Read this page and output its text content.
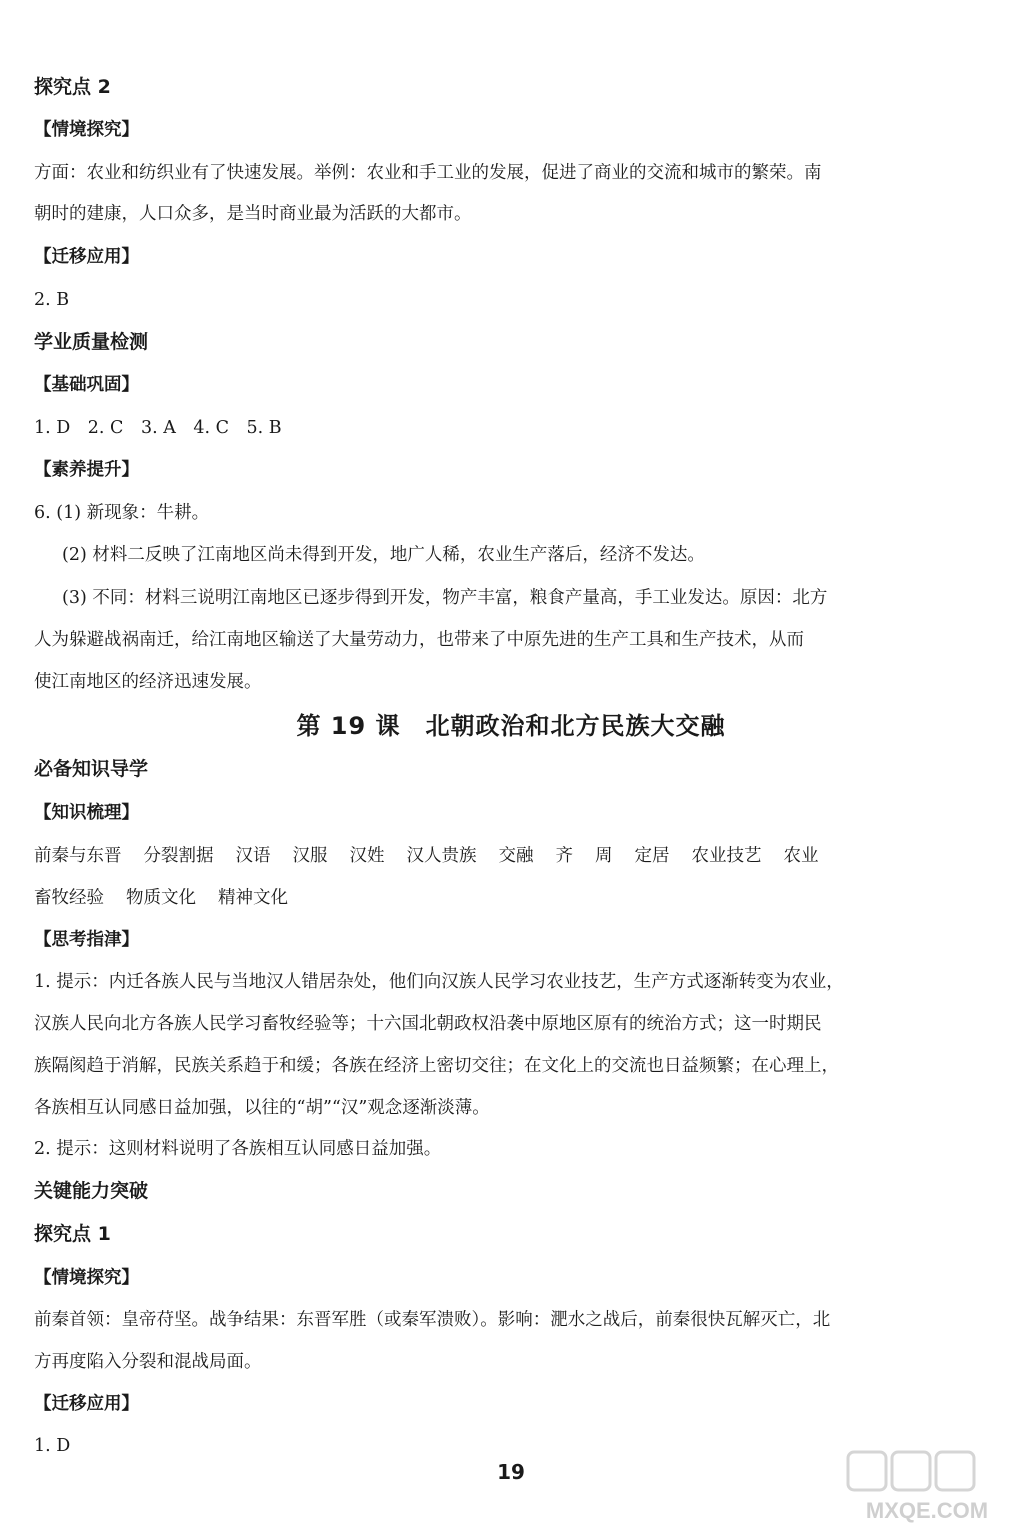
探究点 2
【情境探究】
方面：农业和纺织业有了快速发展。举例：农业和手工业的发展，促进了商业的交流和城市的繁荣。南
朝时的建康，人口众多，是当时商业最为活跃的大都市。
【迁移应用】
2. B
学业质量检测
【基础巩固】
1. D　2. C　3. A　4. C　5. B
【素养提升】
6. (1) 新现象：牛耕。
(2) 材料二反映了江南地区尚未得到开发，地广人稀，农业生产落后，经济不发达。
(3) 不同：材料三说明江南地区已逐步得到开发，物产丰富，粮食产量高，手工业发达。原因：北方
人为躲避战祸南迁，给江南地区输送了大量劳动力，也带来了中原先进的生产工具和生产技术，从而
使江南地区的经济迅速发展。
第 19 课　北朝政治和北方民族大交融
必备知识导学
【知识梳理】
前秦与东晋 分裂割据 汉语 汉服 汉姓 汉人贵族 交融 齐 周 定居 农业技艺 农业
畜牧经验 物质文化 精神文化
【思考指津】
1. 提示：内迁各族人民与当地汉人错居杂处，他们向汉族人民学习农业技艺，生产方式逐渐转变为农业，
汉族人民向北方各族人民学习畜牧经验等；十六国北朝政权沿袭中原地区原有的统治方式；这一时期民
族隔阂趋于消解，民族关系趋于和缓；各族在经济上密切交往；在文化上的交流也日益频繁；在心理上，
各族相互认同感日益加强，以往的“胡”“汉”观念逐渐淡薄。
2. 提示：这则材料说明了各族相互认同感日益加强。
关键能力突破
探究点 1
【情境探究】
前秦首领：皇帝苻坚。战争结果：东晋军胜（或秦军溃败）。影响：淝水之战后，前秦很快瓦解灭亡，北
方再度陷入分裂和混战局面。
【迁移应用】
1. D
19
MXQE.COM
